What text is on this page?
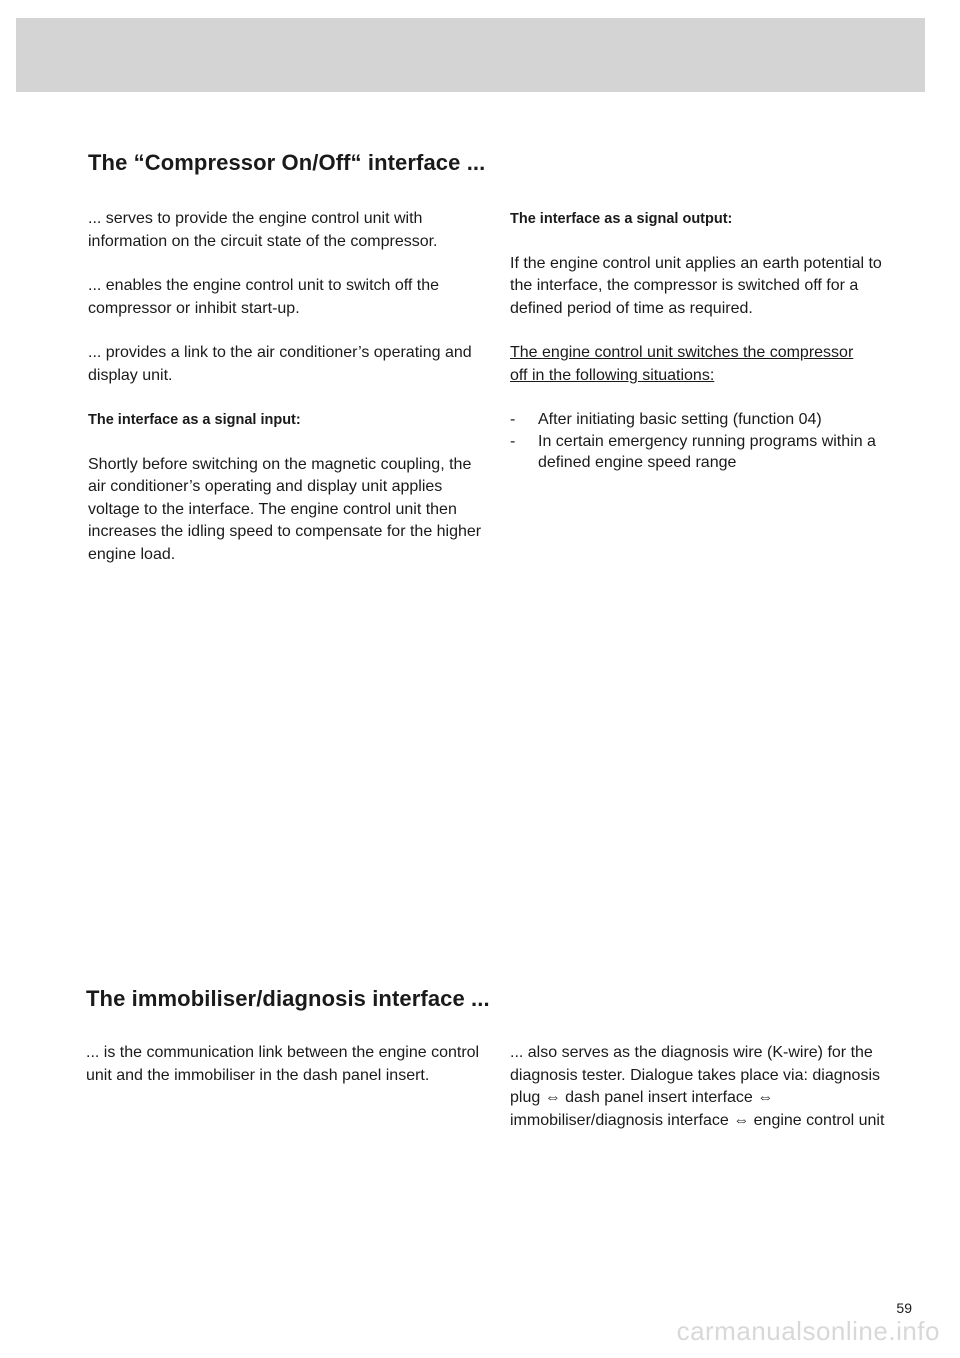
The “Compressor On/Off“ interface ...

... serves to provide the engine control unit with information on the circuit state of the compressor.

... enables the engine control unit to switch off the compressor or inhibit start-up.

... provides a link to the air conditioner’s operating and display unit.

The interface as a signal input:

Shortly before switching on the magnetic coupling, the air conditioner’s operating and display unit applies voltage to the interface. The engine control unit then increases the idling speed to compensate for the higher engine load.

The interface as a signal output:

If the engine control unit applies an earth potential to the interface, the compressor is switched off for a defined period of time as required.

The engine control unit switches the compressor off in the following situations:

- After initiating basic setting (function 04)
- In certain emergency running programs within a defined engine speed range
The immobiliser/diagnosis interface ...

... is the communication link between the engine control unit and the immobiliser in the dash panel insert.

... also serves as the diagnosis wire (K-wire) for the diagnosis tester. Dialogue takes place via: diagnosis plug ⇔ dash panel insert interface ⇔ immobiliser/diagnosis interface ⇔ engine control unit

59
carmanualsonline.info
